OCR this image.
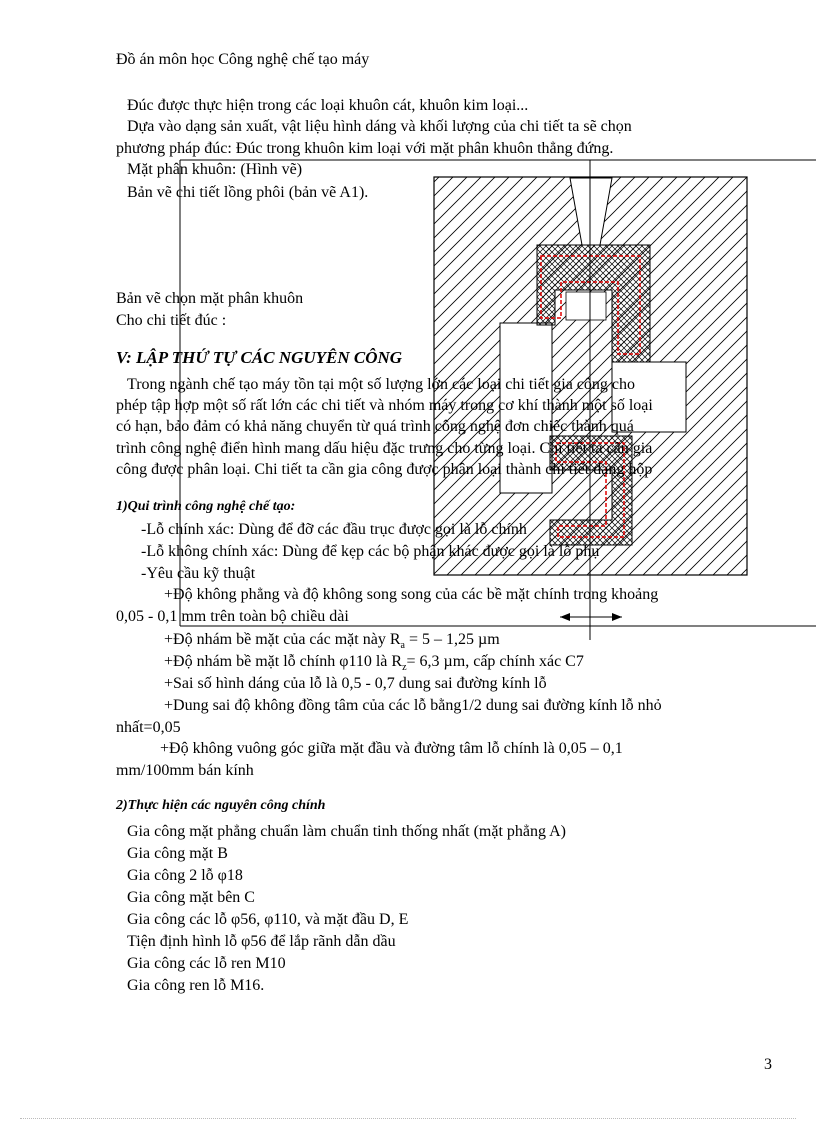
Đồ án môn học Công nghệ chế tạo máy
Đúc được thực hiện trong các loại khuôn cát, khuôn kim loại...
Dựa vào dạng sản xuất, vật liệu hình dáng và khối lượng của chi tiết ta sẽ chọn
phương pháp đúc: Đúc trong khuôn kim loại với mặt phân khuôn thẳng đứng.
Mặt phân khuôn: (Hình vẽ)
Bản vẽ chi tiết lồng phôi (bản vẽ A1).
Bản vẽ chọn mặt phân khuôn
Cho chi tiết đúc :
V: LẬP THỨ TỰ CÁC NGUYÊN CÔNG
Trong ngành chế tạo máy tồn tại một số lượng lớn các loại chi tiết gia công cho
phép tập hợp một số rất lớn các chi tiết và nhóm máy trong cơ khí thành một số loại
có hạn, bảo đảm có khả năng chuyển từ quá trình công nghệ đơn chiếc thành quá
trình công nghệ điển hình mang dấu hiệu đặc trưng cho từng loại. Chi tiết ta cần gia
công được phân loại. Chi tiết ta cần gia công được phân loại thành chi tiết dạng hộp
1)Qui trình công nghệ chế tạo:
-Lỗ chính xác: Dùng để đỡ các đầu trục được gọi là lỗ chính
-Lỗ không chính xác: Dùng để kẹp các bộ phận khác được gọi là lỗ phụ
-Yêu cầu kỹ thuật
+Độ không phẳng và độ không song song của các bề mặt chính trong khoảng
0,05 - 0,1 mm trên toàn bộ chiều dài
+Độ nhám bề mặt của các mặt này $R_a = 5 - 1,25$ µm
+Độ nhám bề mặt lỗ chính φ110 là $R_z= 6,3$ µm, cấp chính xác C7
+Sai số hình dáng của lỗ là 0,5 - 0,7 dung sai đường kính lỗ
+Dung sai độ không đồng tâm của các lỗ bằng1/2 dung sai đường kính lỗ nhỏ
nhất=0,05
+Độ không vuông góc giữa mặt đầu và đường tâm lỗ chính là 0,05 – 0,1
mm/100mm bán kính
2)Thực hiện các nguyên công chính
Gia công mặt phẳng chuẩn làm chuẩn tinh thống nhất (mặt phẳng A)
Gia công mặt B
Gia công 2 lỗ φ18
Gia công mặt bên C
Gia công các lỗ φ56, φ110, và mặt đầu D, E
Tiện định hình lỗ φ56 để lắp rãnh dẫn dầu
Gia công các lỗ ren M10
Gia công ren lỗ M16.
3
